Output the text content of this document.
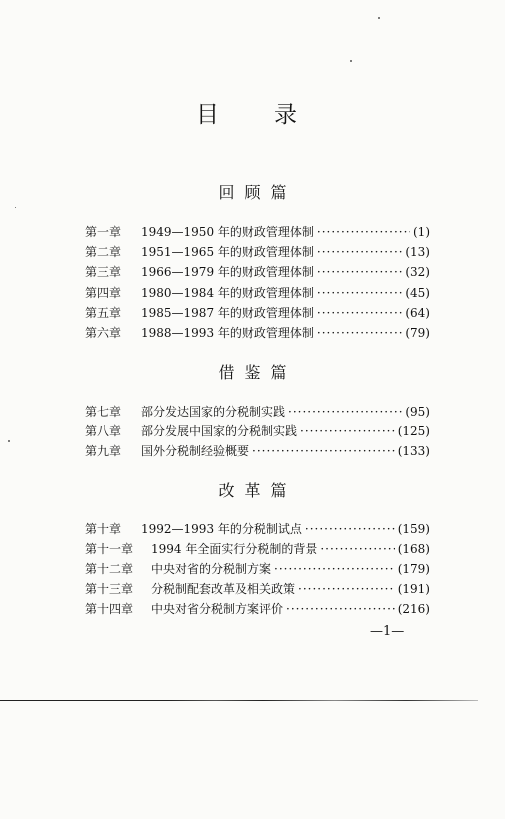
目 录
回顾篇
第一章	1949—1950 年的财政管理体制 ·····	(1)
第二章	1951—1965 年的财政管理体制 ·····	(13)
第三章	1966—1979 年的财政管理体制 ·····	(32)
第四章	1980—1984 年的财政管理体制 ·····	(45)
第五章	1985—1987 年的财政管理体制 ·····	(64)
第六章	1988—1993 年的财政管理体制 ·····	(79)
借鉴篇
第七章	部分发达国家的分税制实践 ·····	(95)
第八章	部分发展中国家的分税制实践 ·····	(125)
第九章	国外分税制经验概要 ·····	(133)
改革篇
第十章	1992—1993 年的分税制试点 ·····	(159)
第十一章	1994 年全面实行分税制的背景 ·····	(168)
第十二章	中央对省的分税制方案 ·····	(179)
第十三章	分税制配套改革及相关政策 ·····	(191)
第十四章	中央对省分税制方案评价 ·····	(216)
—1—
